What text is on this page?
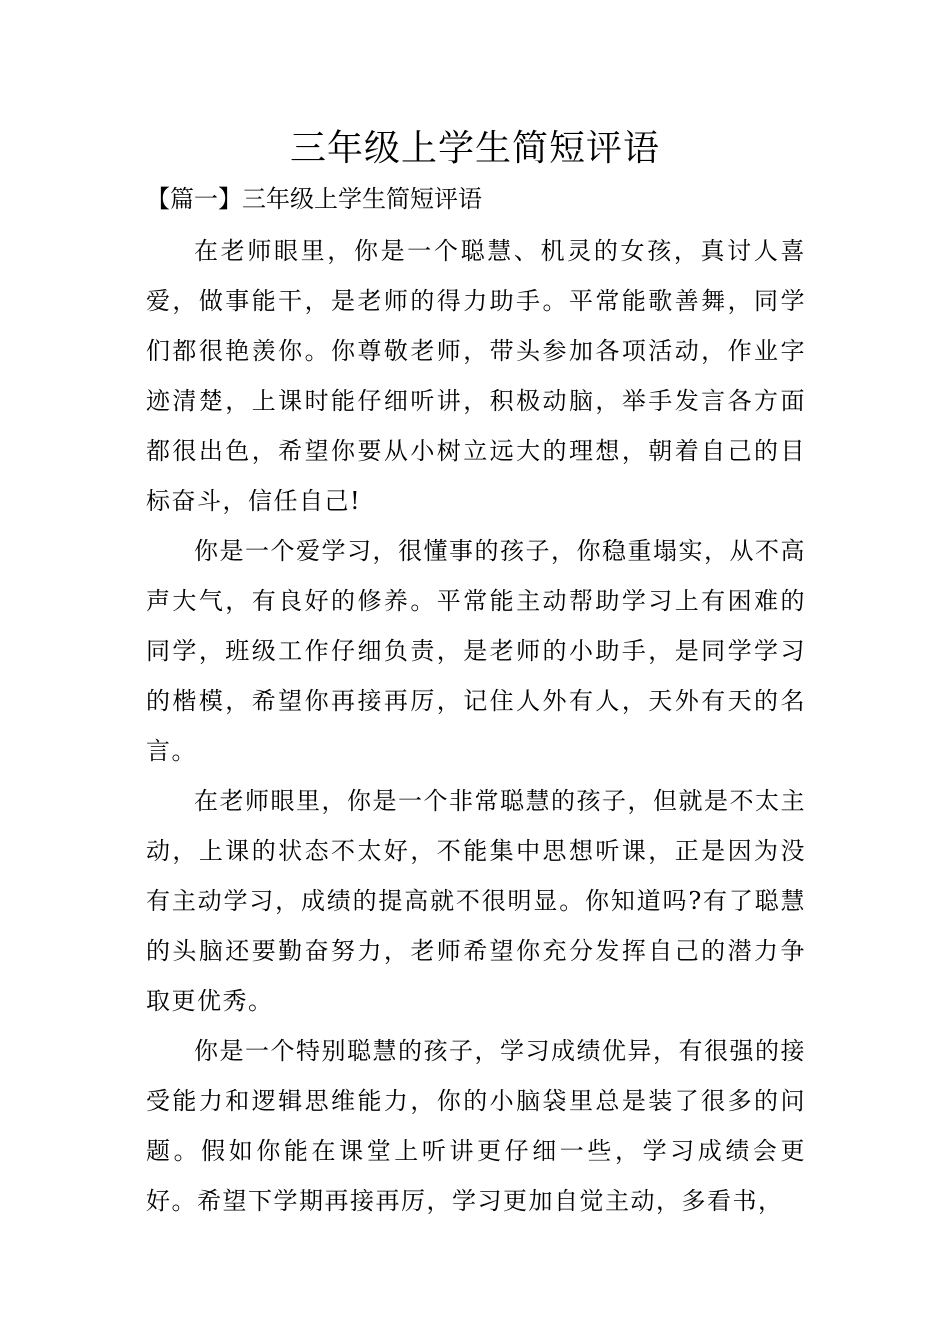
三年级上学生简短评语
【篇一】三年级上学生简短评语

在老师眼里，你是一个聪慧、机灵的女孩，真讨人喜爱，做事能干，是老师的得力助手。平常能歌善舞，同学们都很艳羡你。你尊敬老师，带头参加各项活动，作业字迹清楚，上课时能仔细听讲，积极动脑，举手发言各方面都很出色，希望你要从小树立远大的理想，朝着自己的目标奋斗，信任自己!

你是一个爱学习，很懂事的孩子，你稳重塌实，从不高声大气，有良好的修养。平常能主动帮助学习上有困难的同学，班级工作仔细负责，是老师的小助手，是同学学习的楷模，希望你再接再厉，记住人外有人，天外有天的名言。

在老师眼里，你是一个非常聪慧的孩子，但就是不太主动，上课的状态不太好，不能集中思想听课，正是因为没有主动学习，成绩的提高就不很明显。你知道吗?有了聪慧的头脑还要勤奋努力，老师希望你充分发挥自己的潜力争取更优秀。

你是一个特别聪慧的孩子，学习成绩优异，有很强的接受能力和逻辑思维能力，你的小脑袋里总是装了很多的问题。假如你能在课堂上听讲更仔细一些，学习成绩会更好。希望下学期再接再厉，学习更加自觉主动，多看书，
